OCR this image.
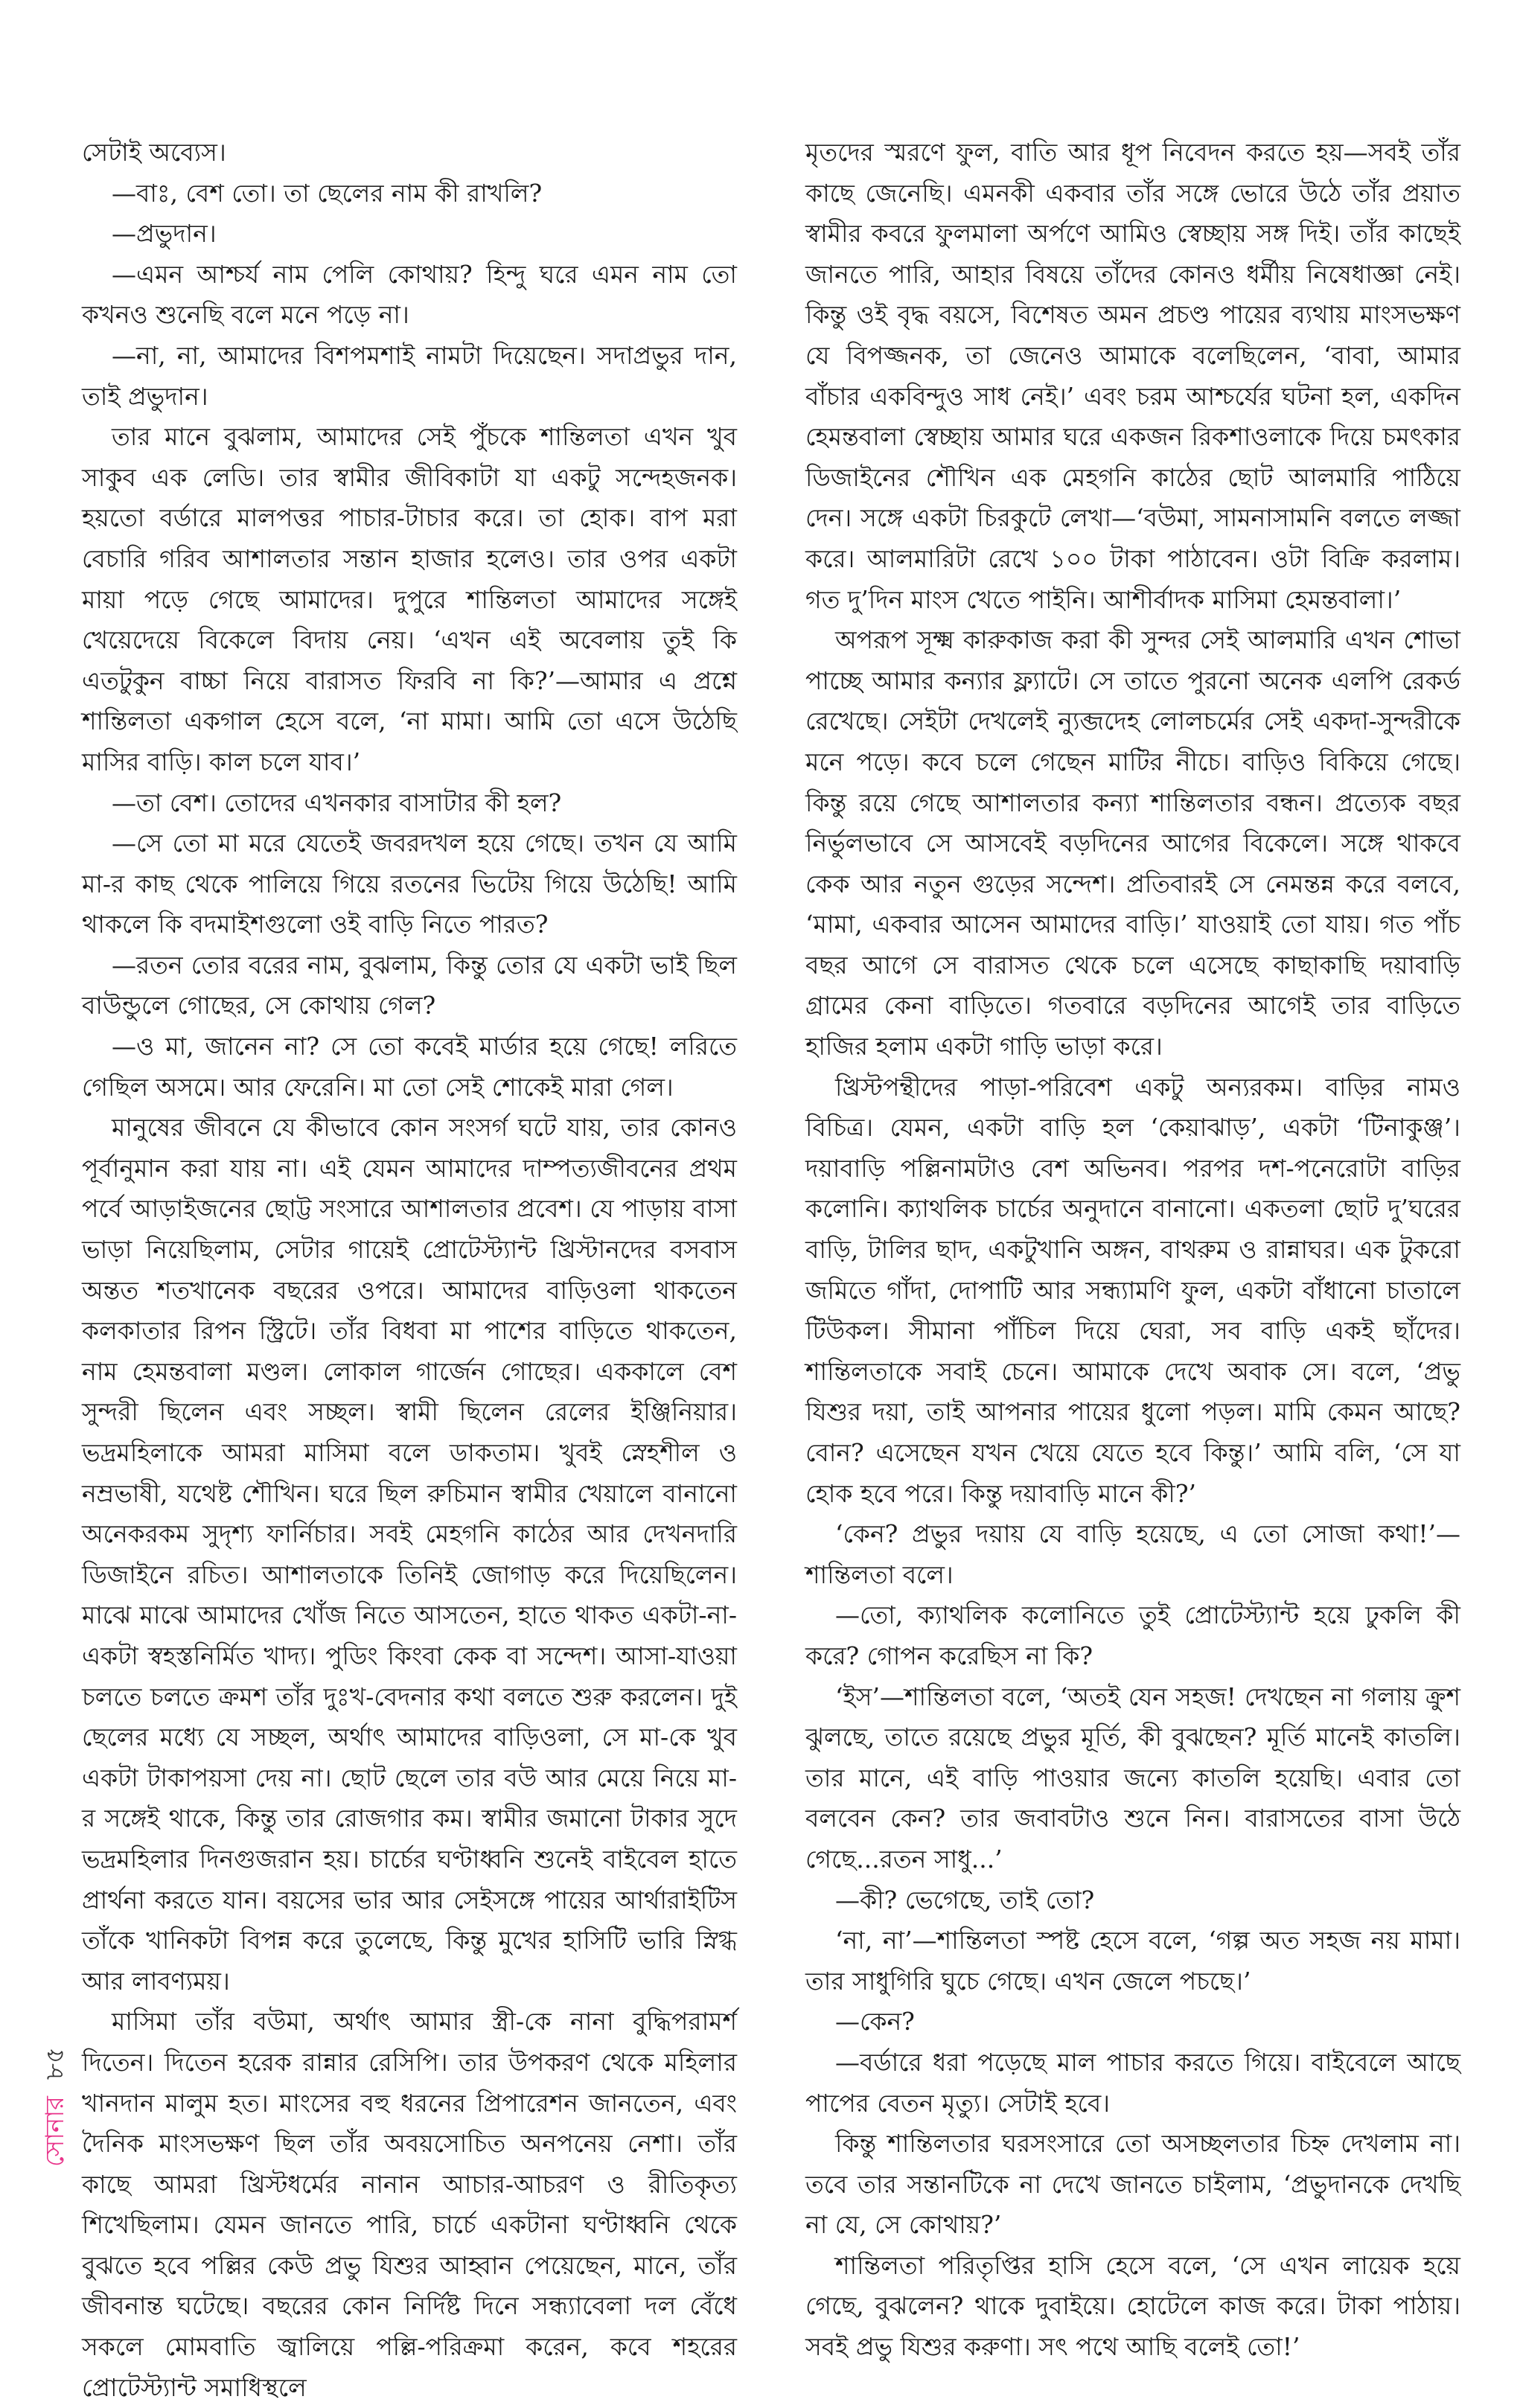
সেটাই অব্যেস।

—বাঃ, বেশ তো। তা ছেলের নাম কী রাখলি?

—প্রভুদান।

—এমন আশ্চর্য নাম পেলি কোথায়? হিন্দু ঘরে এমন নাম তো কখনও শুনেছি বলে মনে পড়ে না।

—না, না, আমাদের বিশপমশাই নামটা দিয়েছেন। সদাপ্রভুর দান, তাই প্রভুদান।

তার মানে বুঝলাম, আমাদের সেই পুঁচকে শান্তিলতা এখন খুব সাকুব এক লেডি। তার স্বামীর জীবিকাটা যা একটু সন্দেহজনক। হয়তো বর্ডারে মালপত্তর পাচার-টাচার করে। তা হোক। বাপ মরা বেচারি গরিব আশালতার সন্তান হাজার হলেও। তার ওপর একটা মায়া পড়ে গেছে আমাদের। দুপুরে শান্তিলতা আমাদের সঙ্গেই খেয়েদেয়ে বিকেলে বিদায় নেয়। ‘এখন এই অবেলায় তুই কি এতটুকুন বাচ্চা নিয়ে বারাসত ফিরবি না কি?’—আমার এ প্রশ্নে শান্তিলতা একগাল হেসে বলে, ‘না মামা। আমি তো এসে উঠেছি মাসির বাড়ি। কাল চলে যাব।’

—তা বেশ। তোদের এখনকার বাসাটার কী হল?

—সে তো মা মরে যেতেই জবরদখল হয়ে গেছে। তখন যে আমি মা-র কাছ থেকে পালিয়ে গিয়ে রতনের ভিটেয় গিয়ে উঠেছি! আমি থাকলে কি বদমাইশগুলো ওই বাড়ি নিতে পারত?

—রতন তোর বরের নাম, বুঝলাম, কিন্তু তোর যে একটা ভাই ছিল বাউন্ডুলে গোছের, সে কোথায় গেল?

—ও মা, জানেন না? সে তো কবেই মার্ডার হয়ে গেছে! লরিতে গেছিল অসমে। আর ফেরেনি। মা তো সেই শোকেই মারা গেল।

মানুষের জীবনে যে কীভাবে কোন সংসর্গ ঘটে যায়, তার কোনও পূর্বানুমান করা যায় না। এই যেমন আমাদের দাম্পত্যজীবনের প্রথম পর্বে আড়াইজনের ছোট্ট সংসারে আশালতার প্রবেশ। যে পাড়ায় বাসা ভাড়া নিয়েছিলাম, সেটার গায়েই প্রোটেস্ট্যান্ট খ্রিস্টানদের বসবাস অন্তত শতখানেক বছরের ওপরে। আমাদের বাড়িওলা থাকতেন কলকাতার রিপন স্ট্রিটে। তাঁর বিধবা মা পাশের বাড়িতে থাকতেন, নাম হেমন্তবালা মণ্ডল। লোকাল গার্জেন গোছের। এককালে বেশ সুন্দরী ছিলেন এবং সচ্ছল। স্বামী ছিলেন রেলের ইঞ্জিনিয়ার। ভদ্রমহিলাকে আমরা মাসিমা বলে ডাকতাম। খুবই স্নেহশীল ও নম্রভাষী, যথেষ্ট শৌখিন। ঘরে ছিল রুচিমান স্বামীর খেয়ালে বানানো অনেকরকম সুদৃশ্য ফার্নিচার। সবই মেহগনি কাঠের আর দেখনদারি ডিজাইনে রচিত। আশালতাকে তিনিই জোগাড় করে দিয়েছিলেন। মাঝে মাঝে আমাদের খোঁজ নিতে আসতেন, হাতে থাকত একটা-না-একটা স্বহস্তনির্মিত খাদ্য। পুডিং কিংবা কেক বা সন্দেশ। আসা-যাওয়া চলতে চলতে ক্রমশ তাঁর দুঃখ-বেদনার কথা বলতে শুরু করলেন। দুই ছেলের মধ্যে যে সচ্ছল, অর্থাৎ আমাদের বাড়িওলা, সে মা-কে খুব একটা টাকাপয়সা দেয় না। ছোট ছেলে তার বউ আর মেয়ে নিয়ে মা-র সঙ্গেই থাকে, কিন্তু তার রোজগার কম। স্বামীর জমানো টাকার সুদে ভদ্রমহিলার দিনগুজরান হয়। চার্চের ঘণ্টাধ্বনি শুনেই বাইবেল হাতে প্রার্থনা করতে যান। বয়সের ভার আর সেইসঙ্গে পায়ের আর্থারাইটিস তাঁকে খানিকটা বিপন্ন করে তুলেছে, কিন্তু মুখের হাসিটি ভারি স্নিগ্ধ আর লাবণ্যময়।

মাসিমা তাঁর বউমা, অর্থাৎ আমার স্ত্রী-কে নানা বুদ্ধিপরামর্শ দিতেন। দিতেন হরেক রান্নার রেসিপি। তার উপকরণ থেকে মহিলার খানদান মালুম হত। মাংসের বহু ধরনের প্রিপারেশন জানতেন, এবং দৈনিক মাংসভক্ষণ ছিল তাঁর অবয়সোচিত অনপনেয় নেশা। তাঁর কাছে আমরা খ্রিস্টধর্মের নানান আচার-আচরণ ও রীতিকৃত্য শিখেছিলাম। যেমন জানতে পারি, চার্চে একটানা ঘণ্টাধ্বনি থেকে বুঝতে হবে পল্লির কেউ প্রভু যিশুর আহ্বান পেয়েছেন, মানে, তাঁর জীবনান্ত ঘটেছে। বছরের কোন নির্দিষ্ট দিনে সন্ধ্যাবেলা দল বেঁধে সকলে মোমবাতি জ্বালিয়ে পল্লি-পরিক্রমা করেন, কবে শহরের প্রোটেস্ট্যান্ট সমাধিস্থলে

মৃতদের স্মরণে ফুল, বাতি আর ধূপ নিবেদন করতে হয়—সবই তাঁর কাছে জেনেছি। এমনকী একবার তাঁর সঙ্গে ভোরে উঠে তাঁর প্রয়াত স্বামীর কবরে ফুলমালা অর্পণে আমিও স্বেচ্ছায় সঙ্গ দিই। তাঁর কাছেই জানতে পারি, আহার বিষয়ে তাঁদের কোনও ধর্মীয় নিষেধাজ্ঞা নেই। কিন্তু ওই বৃদ্ধ বয়সে, বিশেষত অমন প্রচণ্ড পায়ের ব্যথায় মাংসভক্ষণ যে বিপজ্জনক, তা জেনেও আমাকে বলেছিলেন, ‘বাবা, আমার বাঁচার একবিন্দুও সাধ নেই।’ এবং চরম আশ্চর্যের ঘটনা হল, একদিন হেমন্তবালা স্বেচ্ছায় আমার ঘরে একজন রিকশাওলাকে দিয়ে চমৎকার ডিজাইনের শৌখিন এক মেহগনি কাঠের ছোট আলমারি পাঠিয়ে দেন। সঙ্গে একটা চিরকুটে লেখা—‘বউমা, সামনাসামনি বলতে লজ্জা করে। আলমারিটা রেখে ১০০ টাকা পাঠাবেন। ওটা বিক্রি করলাম। গত দু’দিন মাংস খেতে পাইনি। আশীর্বাদক মাসিমা হেমন্তবালা।’

অপরূপ সূক্ষ্ম কারুকাজ করা কী সুন্দর সেই আলমারি এখন শোভা পাচ্ছে আমার কন্যার ফ্ল্যাটে। সে তাতে পুরনো অনেক এলপি রেকর্ড রেখেছে। সেইটা দেখলেই ন্যুব্জদেহ লোলচর্মের সেই একদা-সুন্দরীকে মনে পড়ে। কবে চলে গেছেন মাটির নীচে। বাড়িও বিকিয়ে গেছে। কিন্তু রয়ে গেছে আশালতার কন্যা শান্তিলতার বন্ধন। প্রত্যেক বছর নির্ভুলভাবে সে আসবেই বড়দিনের আগের বিকেলে। সঙ্গে থাকবে কেক আর নতুন গুড়ের সন্দেশ। প্রতিবারই সে নেমন্তন্ন করে বলবে, ‘মামা, একবার আসেন আমাদের বাড়ি।’ যাওয়াই তো যায়। গত পাঁচ বছর আগে সে বারাসত থেকে চলে এসেছে কাছাকাছি দয়াবাড়ি গ্রামের কেনা বাড়িতে। গতবারে বড়দিনের আগেই তার বাড়িতে হাজির হলাম একটা গাড়ি ভাড়া করে।

খ্রিস্টপন্থীদের পাড়া-পরিবেশ একটু অন্যরকম। বাড়ির নামও বিচিত্র। যেমন, একটা বাড়ি হল ‘কেয়াঝাড়’, একটা ‘টিনাকুঞ্জ’। দয়াবাড়ি পল্লিনামটাও বেশ অভিনব। পরপর দশ-পনেরোটা বাড়ির কলোনি। ক্যাথলিক চার্চের অনুদানে বানানো। একতলা ছোট দু’ঘরের বাড়ি, টালির ছাদ, একটুখানি অঙ্গন, বাথরুম ও রান্নাঘর। এক টুকরো জমিতে গাঁদা, দোপাটি আর সন্ধ্যামণি ফুল, একটা বাঁধানো চাতালে টিউকল। সীমানা পাঁচিল দিয়ে ঘেরা, সব বাড়ি একই ছাঁদের। শান্তিলতাকে সবাই চেনে। আমাকে দেখে অবাক সে। বলে, ‘প্রভু যিশুর দয়া, তাই আপনার পায়ের ধুলো পড়ল। মামি কেমন আছে? বোন? এসেছেন যখন খেয়ে যেতে হবে কিন্তু।’ আমি বলি, ‘সে যা হোক হবে পরে। কিন্তু দয়াবাড়ি মানে কী?’

‘কেন? প্রভুর দয়ায় যে বাড়ি হয়েছে, এ তো সোজা কথা!’—শান্তিলতা বলে।

—তো, ক্যাথলিক কলোনিতে তুই প্রোটেস্ট্যান্ট হয়ে ঢুকলি কী করে? গোপন করেছিস না কি?

‘ইস’—শান্তিলতা বলে, ‘অতই যেন সহজ! দেখছেন না গলায় ক্রুশ ঝুলছে, তাতে রয়েছে প্রভুর মূর্তি, কী বুঝছেন? মূর্তি মানেই কাতলি। তার মানে, এই বাড়ি পাওয়ার জন্যে কাতলি হয়েছি। এবার তো বলবেন কেন? তার জবাবটাও শুনে নিন। বারাসতের বাসা উঠে গেছে...রতন সাধু...’

—কী? ভেগেছে, তাই তো?

‘না, না’—শান্তিলতা স্পষ্ট হেসে বলে, ‘গল্প অত সহজ নয় মামা। তার সাধুগিরি ঘুচে গেছে। এখন জেলে পচছে।’

—কেন?

—বর্ডারে ধরা পড়েছে মাল পাচার করতে গিয়ে। বাইবেলে আছে পাপের বেতন মৃত্যু। সেটাই হবে।

কিন্তু শান্তিলতার ঘরসংসারে তো অসচ্ছলতার চিহ্ন দেখলাম না। তবে তার সন্তানটিকে না দেখে জানতে চাইলাম, ‘প্রভুদানকে দেখছি না যে, সে কোথায়?’

শান্তিলতা পরিতৃপ্তির হাসি হেসে বলে, ‘সে এখন লায়েক হয়ে গেছে, বুঝলেন? থাকে দুবাইয়ে। হোটেলে কাজ করে। টাকা পাঠায়। সবই প্রভু যিশুর করুণা। সৎ পথে আছি বলেই তো!’

সোনার
৮৫
